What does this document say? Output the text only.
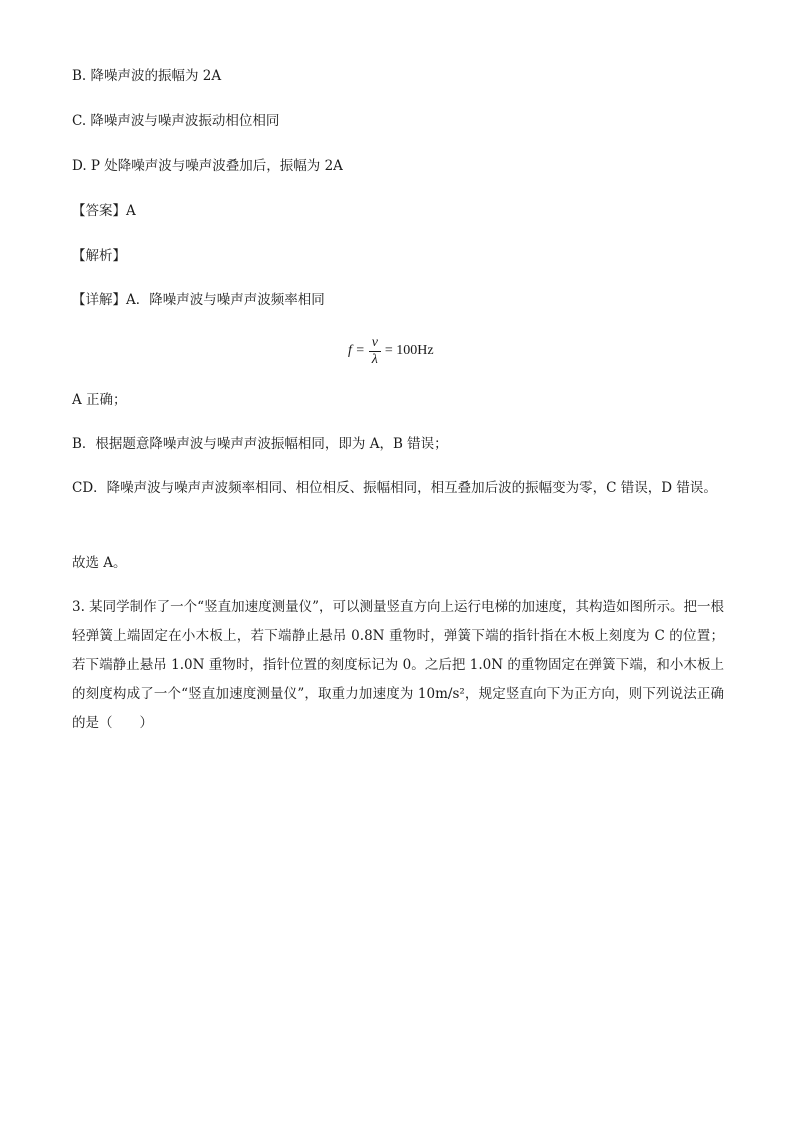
B. 降噪声波的振幅为 2A
C. 降噪声波与噪声波振动相位相同
D. P 处降噪声波与噪声波叠加后，振幅为 2A
【答案】A
【解析】
【详解】A．降噪声波与噪声声波频率相同
$f = \frac{v}{\lambda} = 100Hz$
A 正确；
B．根据题意降噪声波与噪声声波振幅相同，即为 A，B 错误；
CD．降噪声波与噪声声波频率相同、相位相反、振幅相同，相互叠加后波的振幅变为零，C 错误，D 错误。
故选 A。
3. 某同学制作了一个“竖直加速度测量仪”，可以测量竖直方向上运行电梯的加速度，其构造如图所示。把一根轻弹簧上端固定在小木板上，若下端静止悬吊 0.8N 重物时，弹簧下端的指针指在木板上刻度为 C 的位置；若下端静止悬吊 1.0N 重物时，指针位置的刻度标记为 0。之后把 1.0N 的重物固定在弹簧下端，和小木板上的刻度构成了一个“竖直加速度测量仪”，取重力加速度为 10m/s²，规定竖直向下为正方向，则下列说法正确的是（　　）
